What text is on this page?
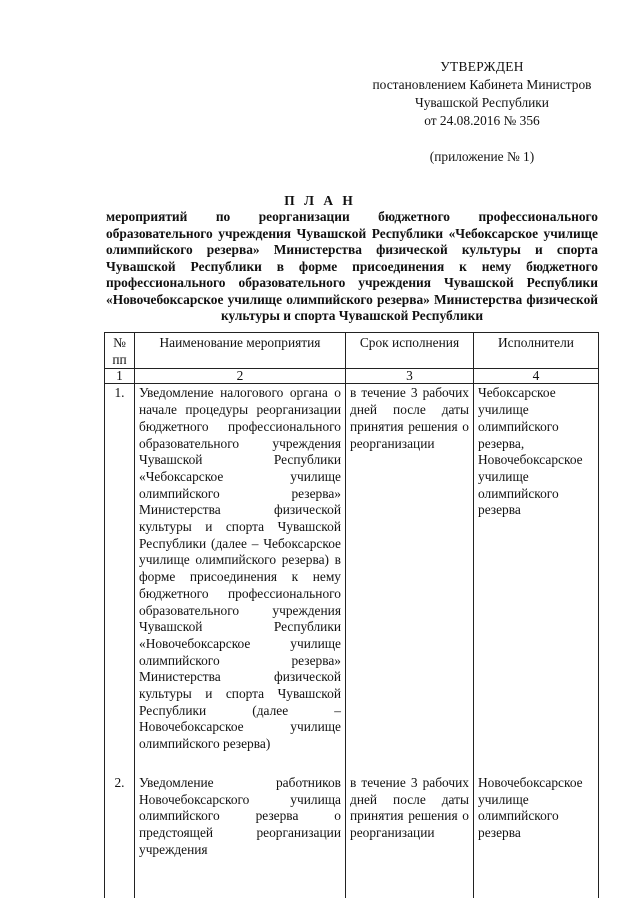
УТВЕРЖДЕН
постановлением Кабинета Министров
Чувашской Республики
от 24.08.2016 № 356
(приложение № 1)
П Л А Н
мероприятий по реорганизации бюджетного профессионального образовательного учреждения Чувашской Республики «Чебоксарское училище олимпийского резерва» Министерства физической культуры и спорта Чувашской Республики в форме присоединения к нему бюджетного профессионального образовательного учреждения Чувашской Республики «Новочебоксарское училище олимпийского резерва» Министерства физической культуры и спорта Чувашской Республики
№ пп	Наименование мероприятия	Срок исполнения	Исполнители
1	2	3	4
1.	Уведомление налогового органа о начале процедуры реорганизации бюджетного профессионального образовательного учреждения Чувашской Республики «Чебоксарское училище олимпийского резерва» Министерства физической культуры и спорта Чувашской Республики (далее – Чебоксарское училище олимпийского резерва) в форме присоединения к нему бюджетного профессионального образовательного учреждения Чувашской Республики «Новочебоксарское училище олимпийского резерва» Министерства физической культуры и спорта Чувашской Республики (далее – Новочебоксарское училище олимпийского резерва)	в течение 3 рабочих дней после даты принятия решения о реорганизации	Чебоксарское училище олимпийского резерва, Новочебоксарское училище олимпийского резерва
2.	Уведомление работников Новочебоксарского училища олимпийского резерва о предстоящей реорганизации учреждения	в течение 3 рабочих дней после даты принятия решения о реорганизации	Новочебоксарское училище олимпийского резерва
